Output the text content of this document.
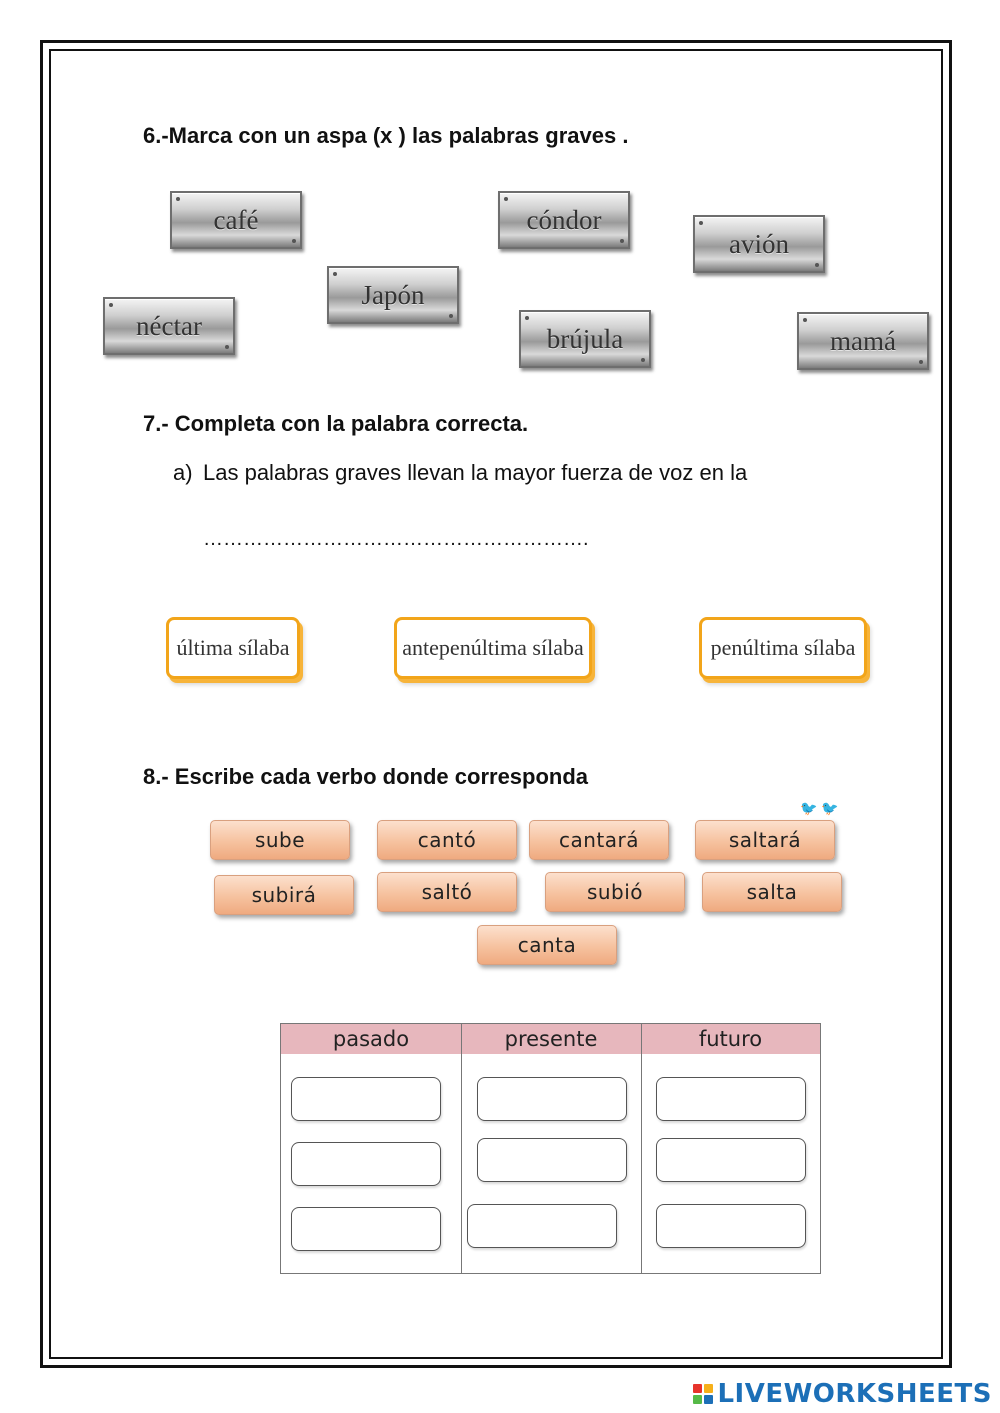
6.-Marca con un aspa (x ) las palabras graves .
café	cóndor
avión
Japón
néctar	brújula	mamá
7.- Completa con la palabra correcta.
a) Las palabras graves llevan la mayor fuerza de voz en la
………………………………………………….
última sílaba	antepenúltima sílaba	penúltima sílaba
8.- Escribe cada verbo donde corresponda
🐦 🐦
sube	cantó	cantará	saltará
subirá	saltó	subió	salta
canta
pasado	presente	futuro
LIVEWORKSHEETS
